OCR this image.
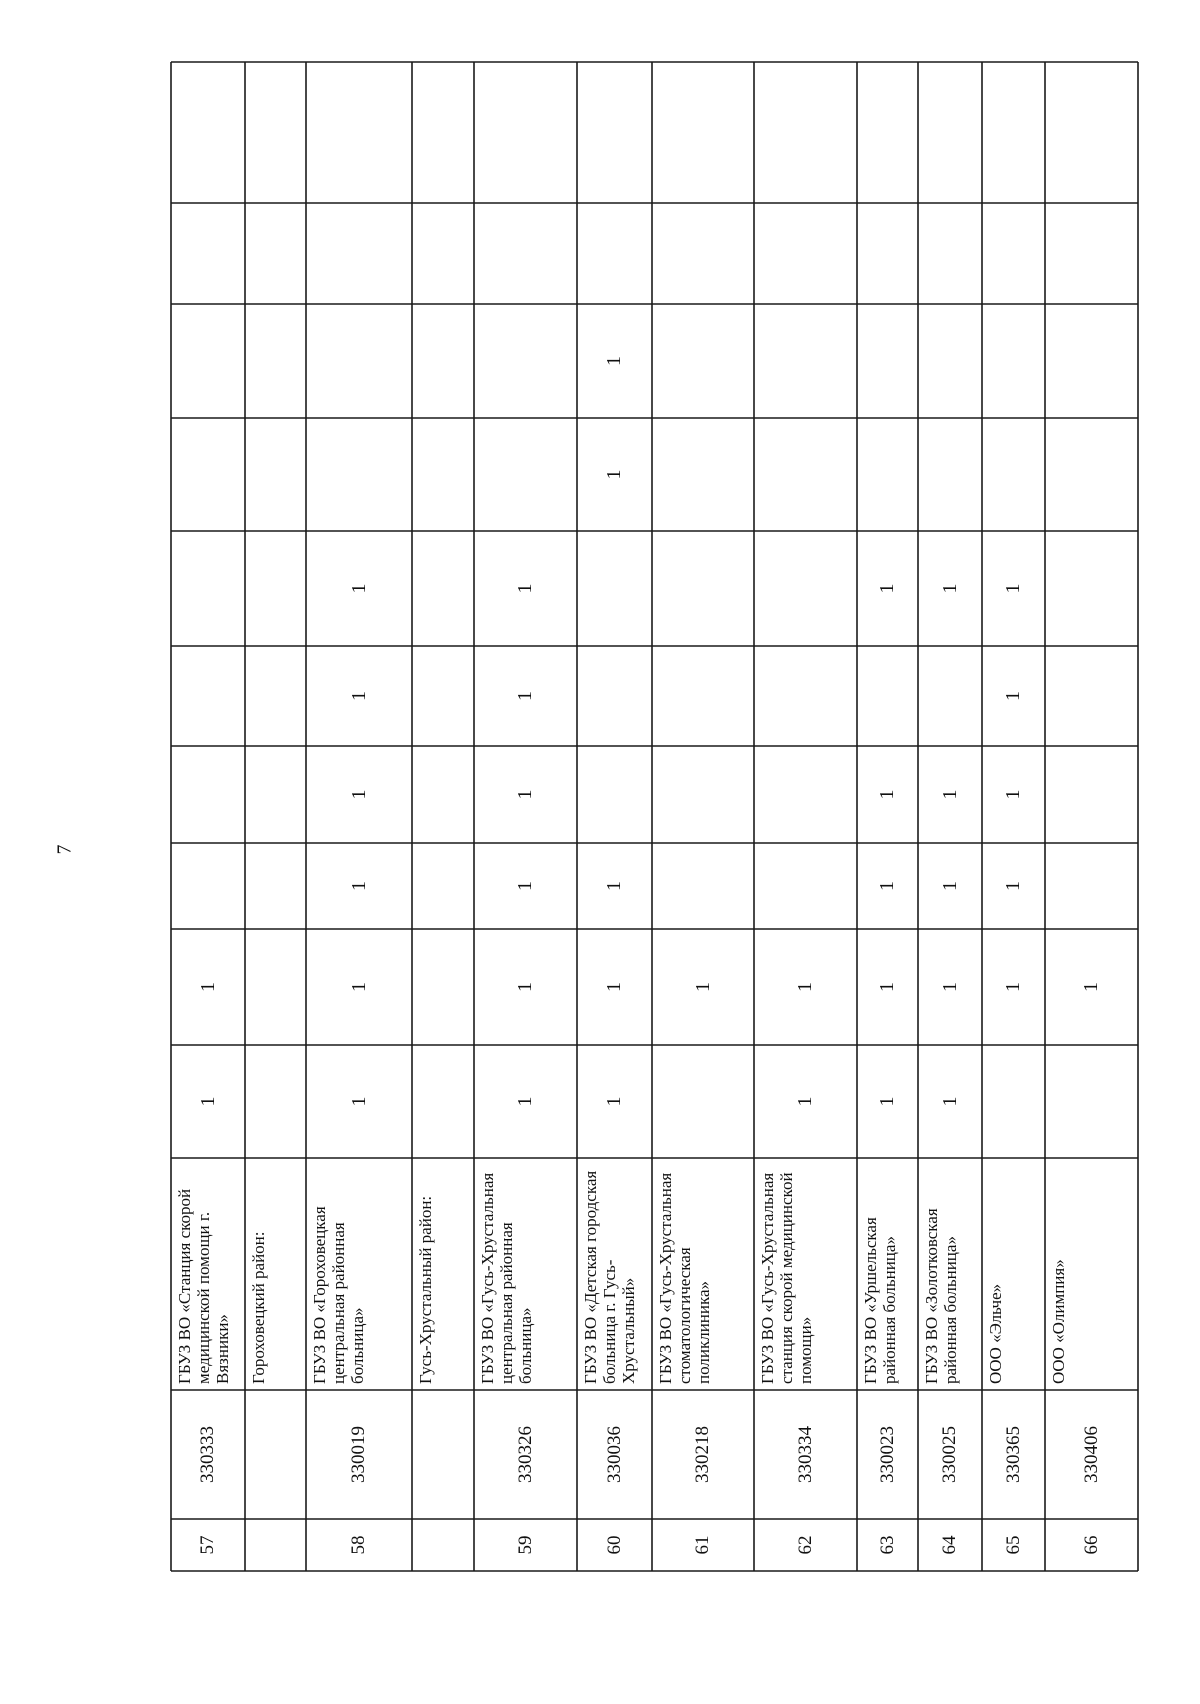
7
57
330333
ГБУЗ ВО «Станция скорой медицинской помощи г. Вязники»
1
1
Гороховецкий район:
58
330019
ГБУЗ ВО «Гороховецкая центральная районная больница»
1
1
1
1
1
1
Гусь-Хрустальный район:
59
330326
ГБУЗ ВО «Гусь-Хрустальная центральная районная больница»
1
1
1
1
1
1
60
330036
ГБУЗ ВО «Детская городская больница г. Гусь-Хрустальный»
1
1
1
1
1
61
330218
ГБУЗ ВО «Гусь-Хрустальная стоматологическая поликлиника»
1
62
330334
ГБУЗ ВО «Гусь-Хрустальная станция скорой медицинской помощи»
1
1
63
330023
ГБУЗ ВО «Уршельская районная больница»
1
1
1
1
1
64
330025
ГБУЗ ВО «Золотковская районная больница»
1
1
1
1
1
65
330365
ООО «Эльче»
1
1
1
1
1
66
330406
ООО «Олимпия»
1
